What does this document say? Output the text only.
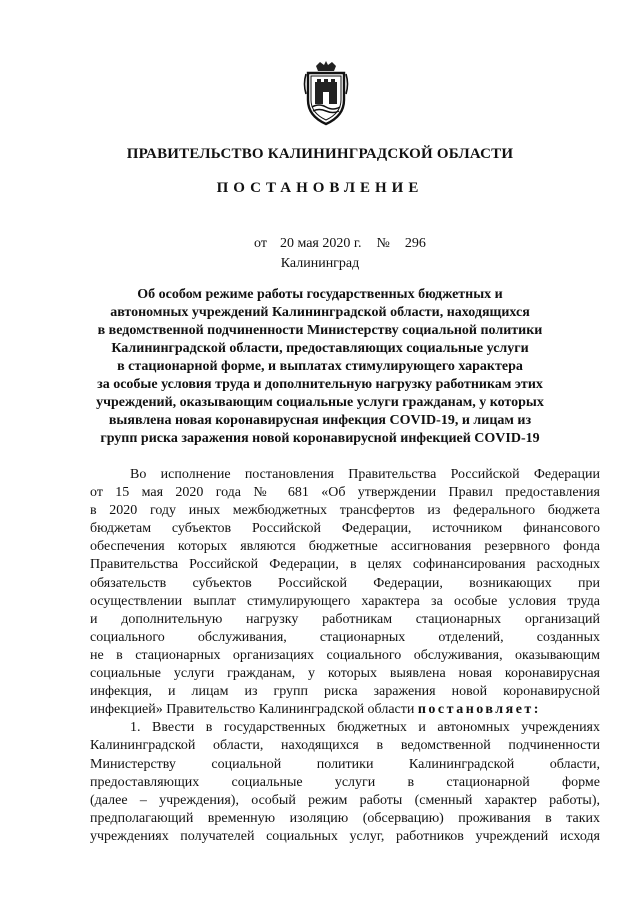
ПРАВИТЕЛЬСТВО КАЛИНИНГРАДСКОЙ ОБЛАСТИ
ПОСТАНОВЛЕНИЕ
от 20 мая 2020 г. № 296
Калининград
Об особом режиме работы государственных бюджетных и
автономных учреждений Калининградской области, находящихся
в ведомственной подчиненности Министерству социальной политики
Калининградской области, предоставляющих социальные услуги
в стационарной форме, и выплатах стимулирующего характера
за особые условия труда и дополнительную нагрузку работникам этих
учреждений, оказывающим социальные услуги гражданам, у которых
выявлена новая коронавирусная инфекция COVID-19, и лицам из
групп риска заражения новой коронавирусной инфекцией COVID-19
Во исполнение постановления Правительства Российской Федерации
от 15 мая 2020 года № 681 «Об утверждении Правил предоставления
в 2020 году иных межбюджетных трансфертов из федерального бюджета
бюджетам субъектов Российской Федерации, источником финансового
обеспечения которых являются бюджетные ассигнования резервного фонда
Правительства Российской Федерации, в целях софинансирования расходных
обязательств субъектов Российской Федерации, возникающих при
осуществлении выплат стимулирующего характера за особые условия труда
и дополнительную нагрузку работникам стационарных организаций
социального обслуживания, стационарных отделений, созданных
не в стационарных организациях социального обслуживания, оказывающим
социальные услуги гражданам, у которых выявлена новая коронавирусная
инфекция, и лицам из групп риска заражения новой коронавирусной
инфекцией» Правительство Калининградской области постановляет:
1. Ввести в государственных бюджетных и автономных учреждениях
Калининградской области, находящихся в ведомственной подчиненности
Министерству социальной политики Калининградской области,
предоставляющих социальные услуги в стационарной форме
(далее – учреждения), особый режим работы (сменный характер работы),
предполагающий временную изоляцию (обсервацию) проживания в таких
учреждениях получателей социальных услуг, работников учреждений исходя
